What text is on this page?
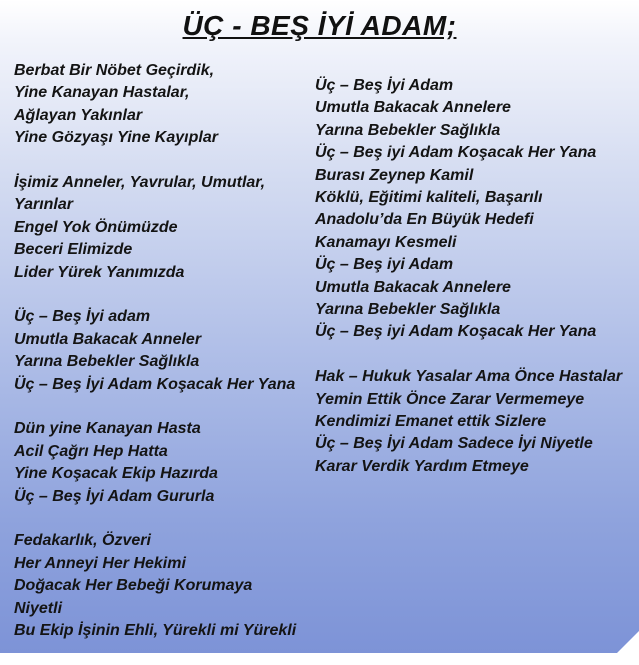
ÜÇ - BEŞ İYİ ADAM;
Berbat Bir Nöbet Geçirdik,
Yine Kanayan Hastalar,
Ağlayan Yakınlar
Yine Gözyaşı Yine Kayıplar
İşimiz Anneler, Yavrular, Umutlar,
Yarınlar
Engel Yok Önümüzde
Beceri Elimizde
Lider Yürek Yanımızda
Üç – Beş İyi adam
Umutla Bakacak Anneler
Yarına Bebekler Sağlıkla
Üç – Beş İyi Adam Koşacak Her Yana
Dün yine Kanayan Hasta
Acil Çağrı Hep Hatta
Yine Koşacak Ekip Hazırda
Üç – Beş İyi Adam Gururla
Fedakarlık, Özveri
Her Anneyi Her Hekimi
Doğacak Her Bebeği Korumaya
Niyetli
Bu Ekip İşinin Ehli, Yürekli mi Yürekli
Üç – Beş İyi Adam
Umutla Bakacak Annelere
Yarına Bebekler Sağlıkla
Üç – Beş iyi Adam Koşacak Her Yana
Burası Zeynep Kamil
Köklü, Eğitimi kaliteli, Başarılı
Anadolu’da En Büyük Hedefi
Kanamayı Kesmeli
Üç – Beş iyi Adam
Umutla Bakacak Annelere
Yarına Bebekler Sağlıkla
Üç – Beş iyi Adam Koşacak Her Yana
Hak – Hukuk Yasalar Ama Önce Hastalar
Yemin Ettik Önce Zarar Vermemeye
Kendimizi Emanet ettik Sizlere
Üç – Beş İyi Adam Sadece İyi Niyetle
Karar Verdik Yardım Etmeye
